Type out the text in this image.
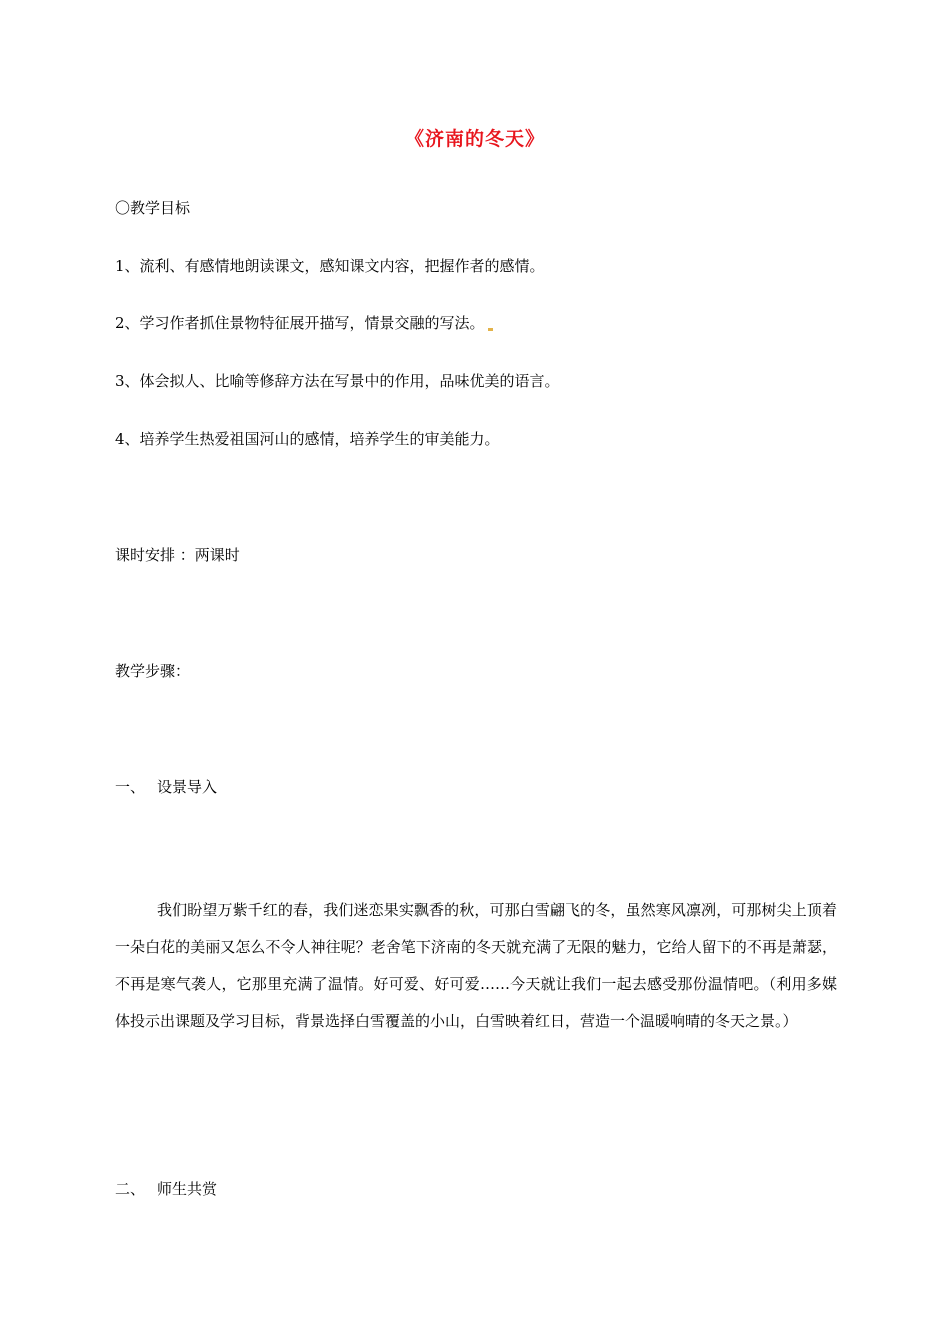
《济南的冬天》
〇教学目标
1、流利、有感情地朗读课文，感知课文内容，把握作者的感情。
2、学习作者抓住景物特征展开描写，情景交融的写法。
3、体会拟人、比喻等修辞方法在写景中的作用，品味优美的语言。
4、培养学生热爱祖国河山的感情，培养学生的审美能力。
课时安排 ：两课时
教学步骤：
一、 设景导入
我们盼望万紫千红的春，我们迷恋果实飘香的秋，可那白雪翩飞的冬，虽然寒风凛冽，可那树尖上顶着一朵白花的美丽又怎么不令人神往呢？老舍笔下济南的冬天就充满了无限的魅力，它给人留下的不再是萧瑟，不再是寒气袭人，它那里充满了温情。好可爱、好可爱……今天就让我们一起去感受那份温情吧。（利用多媒体投示出课题及学习目标，背景选择白雪覆盖的小山，白雪映着红日，营造一个温暖响晴的冬天之景。）
二、 师生共赏
